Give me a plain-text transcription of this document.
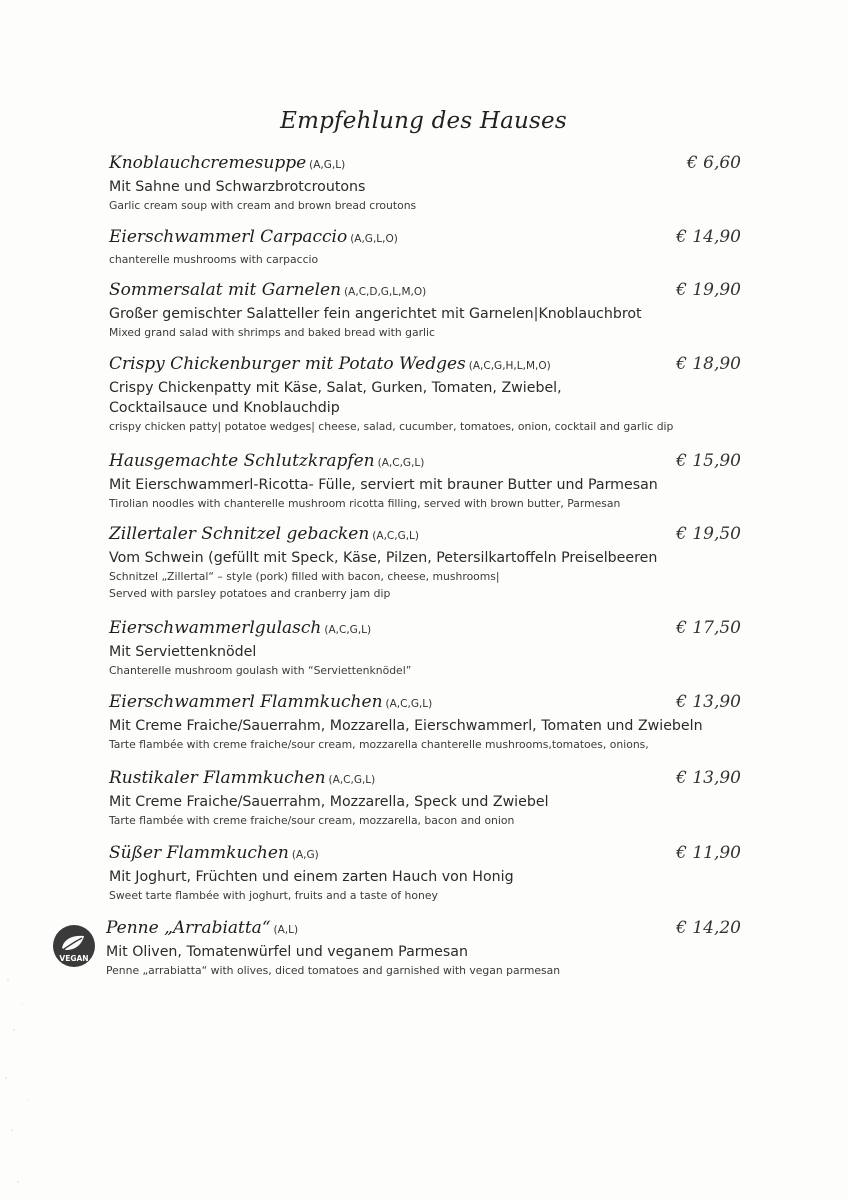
Empfehlung des Hauses
Knoblauchcremesuppe (A,G,L)	€ 6,60
Mit Sahne und Schwarzbrotcroutons
Garlic cream soup with cream and brown bread croutons
Eierschwammerl Carpaccio (A,G,L,O)	€ 14,90
chanterelle mushrooms with carpaccio
Sommersalat mit Garnelen (A,C,D,G,L,M,O)	€ 19,90
Großer gemischter Salatteller fein angerichtet mit Garnelen|Knoblauchbrot
Mixed grand salad with shrimps and baked bread with garlic
Crispy Chickenburger mit Potato Wedges (A,C,G,H,L,M,O)	€ 18,90
Crispy Chickenpatty mit Käse, Salat, Gurken, Tomaten, Zwiebel,
Cocktailsauce und Knoblauchdip
crispy chicken patty| potatoe wedges| cheese, salad, cucumber, tomatoes, onion, cocktail and garlic dip
Hausgemachte Schlutzkrapfen (A,C,G,L)	€ 15,90
Mit Eierschwammerl-Ricotta- Fülle, serviert mit brauner Butter und Parmesan
Tirolian noodles with chanterelle mushroom ricotta filling, served with brown butter, Parmesan
Zillertaler Schnitzel gebacken (A,C,G,L)	€ 19,50
Vom Schwein (gefüllt mit Speck, Käse, Pilzen, Petersilkartoffeln Preiselbeeren
Schnitzel „Zillertal“ – style (pork) filled with bacon, cheese, mushrooms|
Served with parsley potatoes and cranberry jam dip
Eierschwammerlgulasch (A,C,G,L)	€ 17,50
Mit Serviettenknödel
Chanterelle mushroom goulash with “Serviettenknödel”
Eierschwammerl Flammkuchen (A,C,G,L)	€ 13,90
Mit Creme Fraiche/Sauerrahm, Mozzarella, Eierschwammerl, Tomaten und Zwiebeln
Tarte flambée with creme fraiche/sour cream, mozzarella chanterelle mushrooms,tomatoes, onions,
Rustikaler Flammkuchen (A,C,G,L)	€ 13,90
Mit Creme Fraiche/Sauerrahm, Mozzarella, Speck und Zwiebel
Tarte flambée with creme fraiche/sour cream, mozzarella, bacon and onion
Süßer Flammkuchen (A,G)	€ 11,90
Mit Joghurt, Früchten und einem zarten Hauch von Honig
Sweet tarte flambée with joghurt, fruits and a taste of honey
Penne „Arrabiatta“ (A,L)	€ 14,20
Mit Oliven, Tomatenwürfel und veganem Parmesan
Penne „arrabiatta“ with olives, diced tomatoes and garnished with vegan parmesan
VEGAN
